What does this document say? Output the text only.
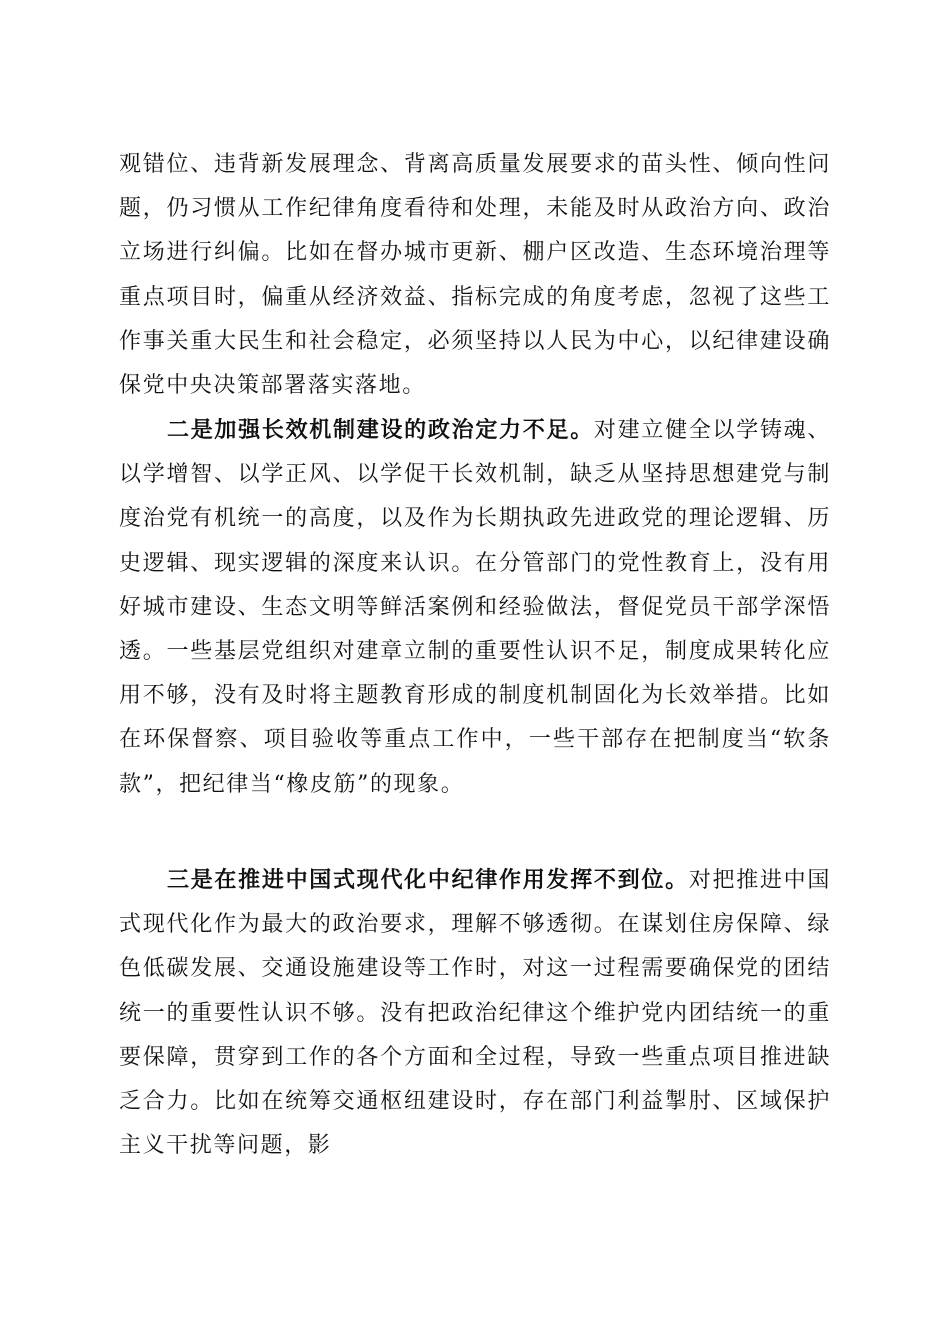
观错位、违背新发展理念、背离高质量发展要求的苗头性、倾向性问题，仍习惯从工作纪律角度看待和处理，未能及时从政治方向、政治立场进行纠偏。比如在督办城市更新、棚户区改造、生态环境治理等重点项目时，偏重从经济效益、指标完成的角度考虑，忽视了这些工作事关重大民生和社会稳定，必须坚持以人民为中心，以纪律建设确保党中央决策部署落实落地。

二是加强长效机制建设的政治定力不足。对建立健全以学铸魂、以学增智、以学正风、以学促干长效机制，缺乏从坚持思想建党与制度治党有机统一的高度，以及作为长期执政先进政党的理论逻辑、历史逻辑、现实逻辑的深度来认识。在分管部门的党性教育上，没有用好城市建设、生态文明等鲜活案例和经验做法，督促党员干部学深悟透。一些基层党组织对建章立制的重要性认识不足，制度成果转化应用不够，没有及时将主题教育形成的制度机制固化为长效举措。比如在环保督察、项目验收等重点工作中，一些干部存在把制度当“软条款”，把纪律当“橡皮筋”的现象。

三是在推进中国式现代化中纪律作用发挥不到位。对把推进中国式现代化作为最大的政治要求，理解不够透彻。在谋划住房保障、绿色低碳发展、交通设施建设等工作时，对这一过程需要确保党的团结统一的重要性认识不够。没有把政治纪律这个维护党内团结统一的重要保障，贯穿到工作的各个方面和全过程，导致一些重点项目推进缺乏合力。比如在统筹交通枢纽建设时，存在部门利益掣肘、区域保护主义干扰等问题，影
